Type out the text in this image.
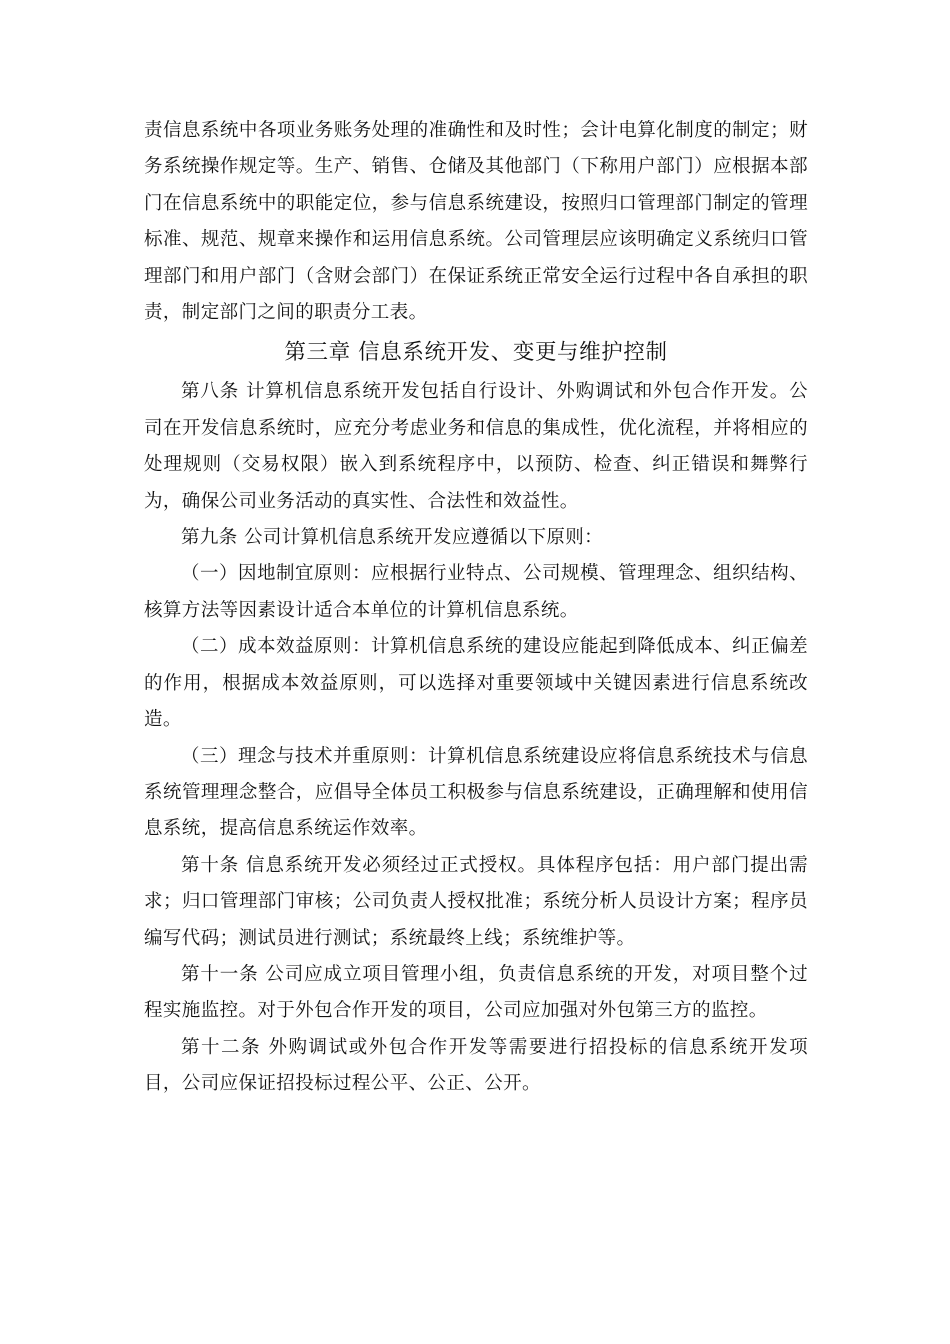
责信息系统中各项业务账务处理的准确性和及时性；会计电算化制度的制定；财务系统操作规定等。生产、销售、仓储及其他部门（下称用户部门）应根据本部门在信息系统中的职能定位，参与信息系统建设，按照归口管理部门制定的管理标准、规范、规章来操作和运用信息系统。公司管理层应该明确定义系统归口管理部门和用户部门（含财会部门）在保证系统正常安全运行过程中各自承担的职责，制定部门之间的职责分工表。

第三章 信息系统开发、变更与维护控制

第八条 计算机信息系统开发包括自行设计、外购调试和外包合作开发。公司在开发信息系统时，应充分考虑业务和信息的集成性，优化流程，并将相应的处理规则（交易权限）嵌入到系统程序中，以预防、检查、纠正错误和舞弊行为，确保公司业务活动的真实性、合法性和效益性。

第九条 公司计算机信息系统开发应遵循以下原则：

（一）因地制宜原则：应根据行业特点、公司规模、管理理念、组织结构、核算方法等因素设计适合本单位的计算机信息系统。

（二）成本效益原则：计算机信息系统的建设应能起到降低成本、纠正偏差的作用，根据成本效益原则，可以选择对重要领域中关键因素进行信息系统改造。

（三）理念与技术并重原则：计算机信息系统建设应将信息系统技术与信息系统管理理念整合，应倡导全体员工积极参与信息系统建设，正确理解和使用信息系统，提高信息系统运作效率。

第十条 信息系统开发必须经过正式授权。具体程序包括：用户部门提出需求；归口管理部门审核；公司负责人授权批准；系统分析人员设计方案；程序员编写代码；测试员进行测试；系统最终上线；系统维护等。

第十一条 公司应成立项目管理小组，负责信息系统的开发，对项目整个过程实施监控。对于外包合作开发的项目，公司应加强对外包第三方的监控。

第十二条 外购调试或外包合作开发等需要进行招投标的信息系统开发项目，公司应保证招投标过程公平、公正、公开。
